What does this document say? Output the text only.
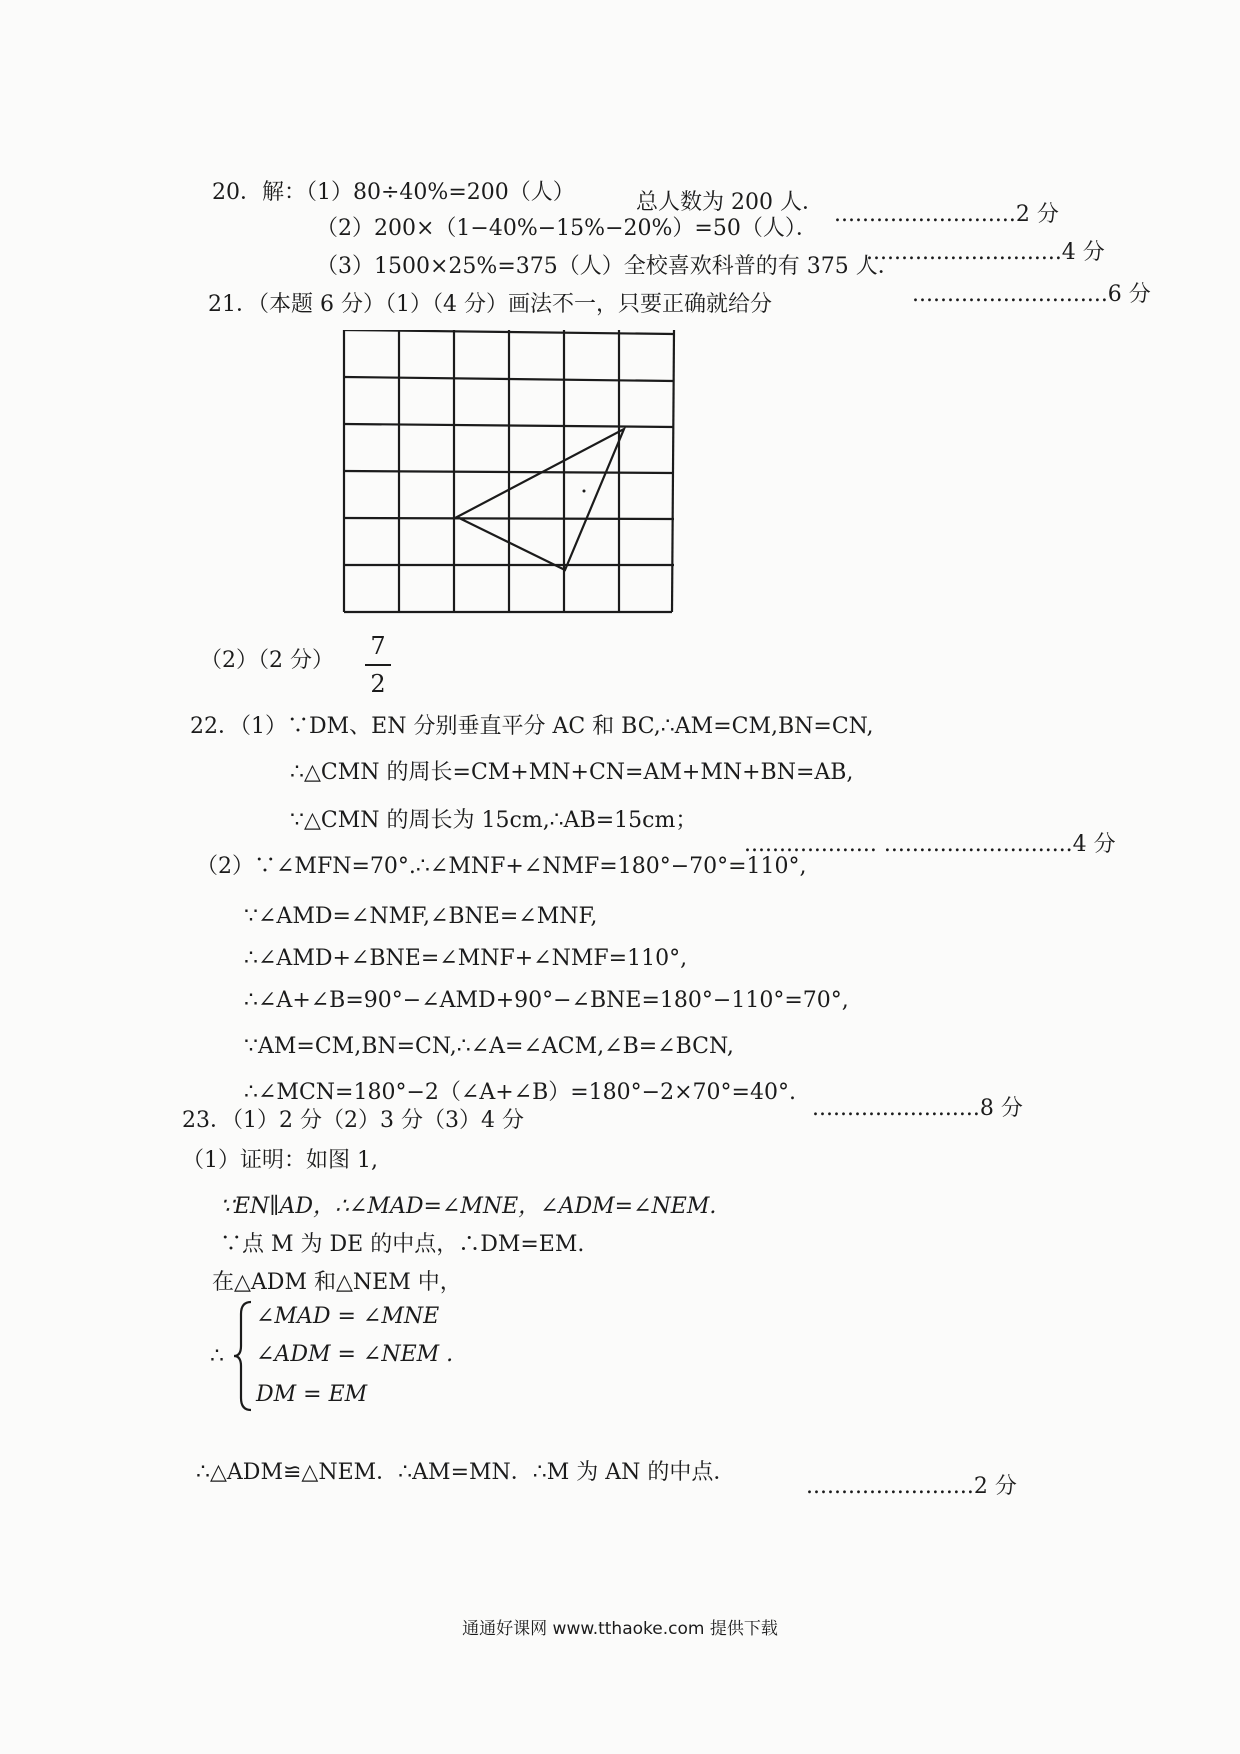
20．解：（1）80÷40%=200（人）	总人数为 200 人． ..........................2 分
（2）200×（1−40%−15%−20%）=50（人）．
............................4 分
（3）1500×25%=375（人）全校喜欢科普的有 375 人．
............................6 分
21．（本题 6 分）（1）（4 分）画法不一，只要正确就给分
（2）（2 分）
7
2
22．（1）∵DM、EN 分别垂直平分 AC 和 BC,∴AM=CM,BN=CN,
∴△CMN 的周长=CM+MN+CN=AM+MN+BN=AB,
∵△CMN 的周长为 15cm,∴AB=15cm；
................... ...........................4 分
（2）∵∠MFN=70°.∴∠MNF+∠NMF=180°−70°=110°,
∵∠AMD=∠NMF,∠BNE=∠MNF,
∴∠AMD+∠BNE=∠MNF+∠NMF=110°,
∴∠A+∠B=90°−∠AMD+90°−∠BNE=180°−110°=70°,
∵AM=CM,BN=CN,∴∠A=∠ACM,∠B=∠BCN,
∴∠MCN=180°−2（∠A+∠B）=180°−2×70°=40°.
........................8 分
23．（1）2 分（2）3 分（3）4 分
（1）证明：如图 1,
∵EN∥AD，∴∠MAD=∠MNE，∠ADM=∠NEM.
∵点 M 为 DE 的中点，∴DM=EM.
在△ADM 和△NEM 中，
∴
∠MAD = ∠MNE
∠ADM = ∠NEM .
DM = EM
∴△ADM≌△NEM．∴AM=MN．∴M 为 AN 的中点．
........................2 分
通通好课网 www.tthaoke.com 提供下载
